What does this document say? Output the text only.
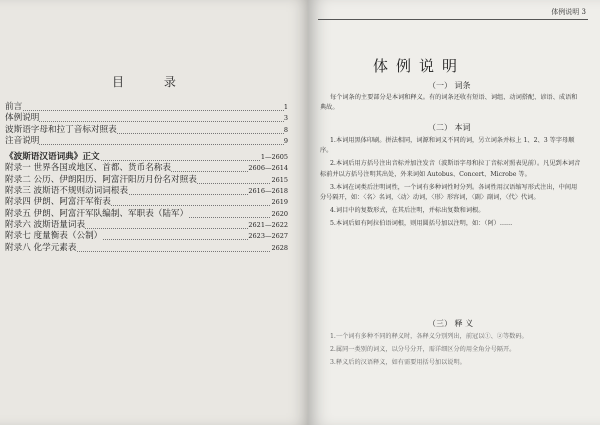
目 录
前言	1
体例说明	3
波斯语字母和拉丁音标对照表	8
注音说明	9
《波斯语汉语词典》正文	1—2605
附录一 世界各国或地区、首都、货币名称表	2606—2614
附录二 公历、伊朗阳历、阿富汗阳历月份名对照表	2615
附录三 波斯语不规则动词词根表	2616—2618
附录四 伊朗、阿富汗军衔表	2619
附录五 伊朗、阿富汗军队编制、军职表（陆军）	2620
附录六 波斯语量词表	2621—2622
附录七 度量衡表（公制）	2623—2627
附录八 化学元素表	2628
体例说明 3
体例说明
（一） 词条

每个词条的主要部分是本词和释义。有的词条还收有短语、词组、动词搭配、谚语、成语和典故。

（二） 本词

1.本词用黑体印刷。拼法相同，词源和词义不同的词，另立词条并标上 1、2、3 等字母顺序。

2.本词后用方括号注出音标并加注发音（波斯语字母和拉丁音标对照表见前）。凡见到本词音标前并以方括号注明其出处，外来词如 Autobus、Concert、Microbe 等。

3.本词在词类后注明词性，一个词有多种词性时分列。各词性用汉语缩写形式注出，中间用分号隔开，如：〈名〉名词，〈动〉动词，〈形〉形容词，〈副〉副词，〈代〉代词。

4.词目中的复数形式，在其后注明，并标出复数和词根。

5.本词后如有阿拉伯语词根，则用圆括号加以注明，如：（阿）……

（三） 释 义

1.一个词有多种不同的释义时，各释义分别列出，前冠以①、②等数码。

2.属同一类别的词义，以分号分开，需详细区分的用全角分号隔开。

3.释义后的汉语释义，如有需要用括号加以说明。
